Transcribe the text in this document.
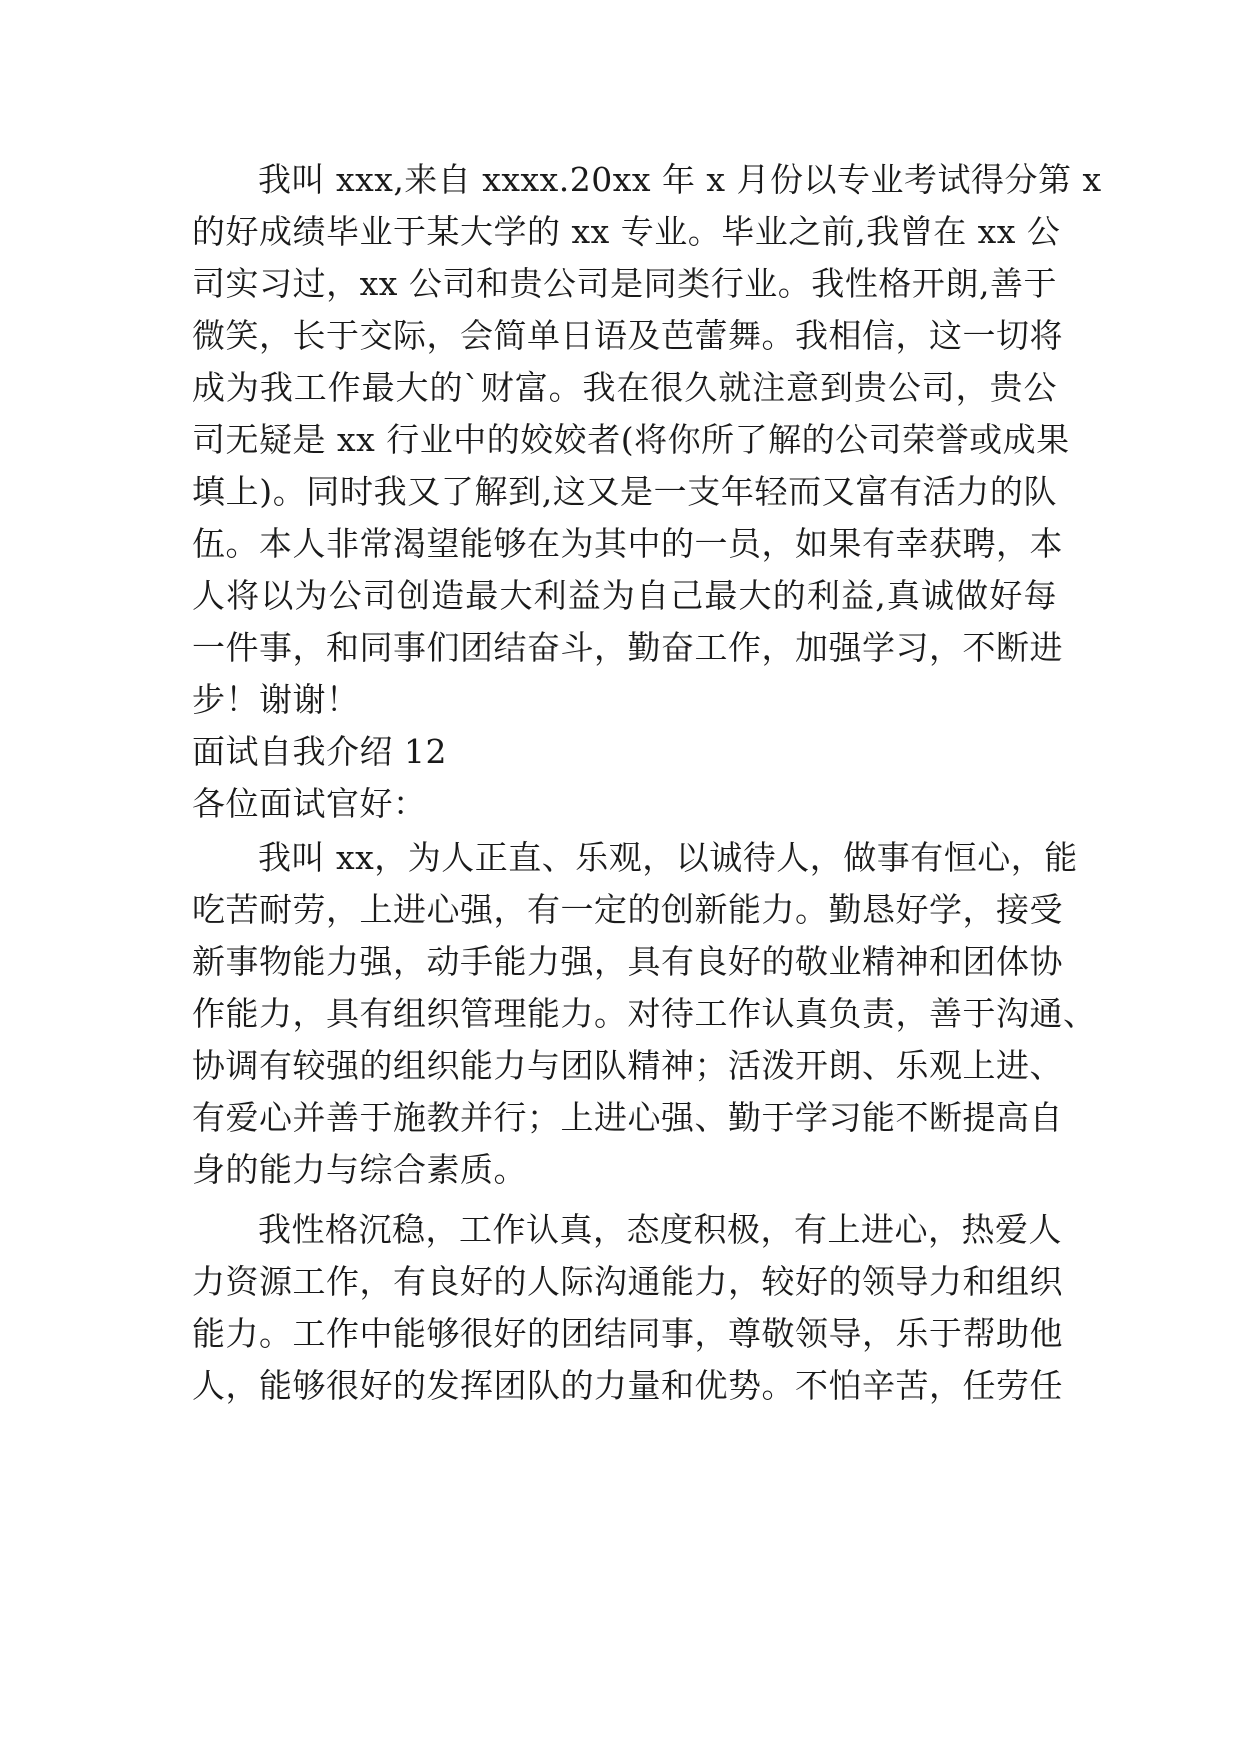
我叫 xxx,来自 xxxx.20xx 年 x 月份以专业考试得分第 x
的好成绩毕业于某大学的 xx 专业。毕业之前,我曾在 xx 公
司实习过，xx 公司和贵公司是同类行业。我性格开朗,善于
微笑，长于交际，会简单日语及芭蕾舞。我相信，这一切将
成为我工作最大的`财富。我在很久就注意到贵公司，贵公
司无疑是 xx 行业中的姣姣者(将你所了解的公司荣誉或成果
填上)。同时我又了解到,这又是一支年轻而又富有活力的队
伍。本人非常渴望能够在为其中的一员，如果有幸获聘，本
人将以为公司创造最大利益为自己最大的利益,真诚做好每
一件事，和同事们团结奋斗，勤奋工作，加强学习，不断进
步！谢谢！
面试自我介绍 12
各位面试官好：
我叫 xx，为人正直、乐观，以诚待人，做事有恒心，能
吃苦耐劳，上进心强，有一定的创新能力。勤恳好学，接受
新事物能力强，动手能力强，具有良好的敬业精神和团体协
作能力，具有组织管理能力。对待工作认真负责，善于沟通、
协调有较强的组织能力与团队精神；活泼开朗、乐观上进、
有爱心并善于施教并行；上进心强、勤于学习能不断提高自
身的能力与综合素质。
我性格沉稳，工作认真，态度积极，有上进心，热爱人
力资源工作，有良好的人际沟通能力，较好的领导力和组织
能力。工作中能够很好的团结同事，尊敬领导，乐于帮助他
人，能够很好的发挥团队的力量和优势。不怕辛苦，任劳任
